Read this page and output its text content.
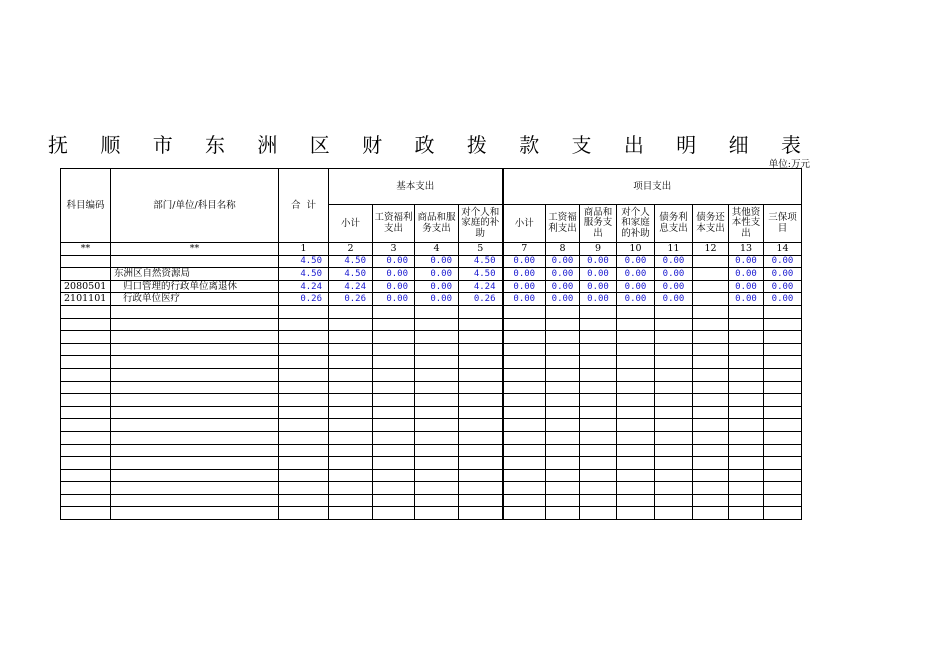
抚 顺 市 东 洲 区 财 政 拨 款 支 出 明 细 表
单位:万元
科目编码	部门/单位/科目名称	合  计	基本支出				项目支出							
			小计	工资福利支出	商品和服务支出	对个人和家庭的补助	小计	工资福利支出	商品和服务支出	对个人和家庭的补助	债务利息支出	债务还本支出	其他资本性支出	三保项目
**	**	1	2	3	4	5	7	8	9	10	11	12	13	14
		4.50	4.50	0.00	0.00	4.50	0.00	0.00	0.00	0.00	0.00		0.00	0.00
	东洲区自然资源局	4.50	4.50	0.00	0.00	4.50	0.00	0.00	0.00	0.00	0.00		0.00	0.00
2080501	归口管理的行政单位离退休	4.24	4.24	0.00	0.00	4.24	0.00	0.00	0.00	0.00	0.00		0.00	0.00
2101101	行政单位医疗	0.26	0.26	0.00	0.00	0.26	0.00	0.00	0.00	0.00	0.00		0.00	0.00
